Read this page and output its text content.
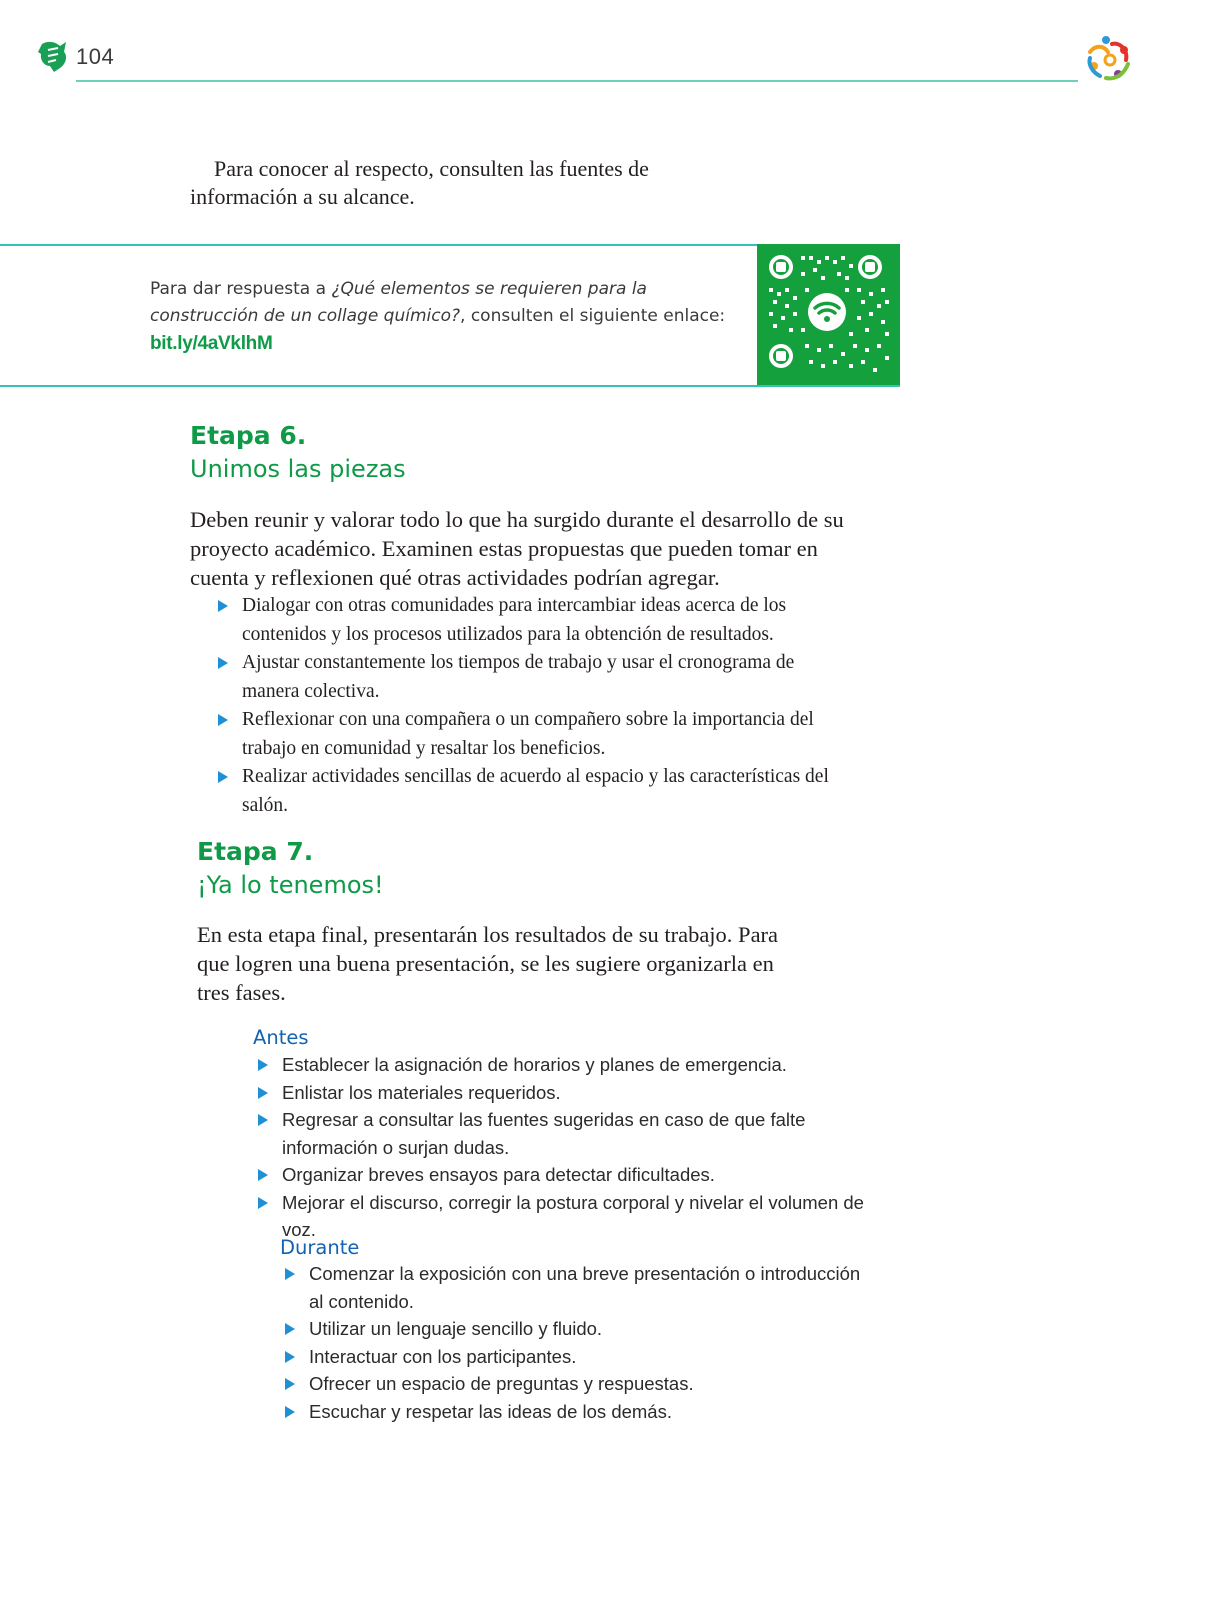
104

Para conocer al respecto, consulten las fuentes de información a su alcance.

Para dar respuesta a ¿Qué elementos se requieren para la construcción de un collage químico?, consulten el siguiente enlace:
bit.ly/4aVklhM
Etapa 6.
Unimos las piezas

Deben reunir y valorar todo lo que ha surgido durante el desarrollo de su proyecto académico. Examinen estas propuestas que pueden tomar en cuenta y reflexionen qué otras actividades podrían agregar.

Dialogar con otras comunidades para intercambiar ideas acerca de los contenidos y los procesos utilizados para la obtención de resultados.
Ajustar constantemente los tiempos de trabajo y usar el cronograma de manera colectiva.
Reflexionar con una compañera o un compañero sobre la importancia del trabajo en comunidad y resaltar los beneficios.
Realizar actividades sencillas de acuerdo al espacio y las características del salón.
Etapa 7.
¡Ya lo tenemos!

En esta etapa final, presentarán los resultados de su trabajo. Para que logren una buena presentación, se les sugiere organizarla en tres fases.

Antes
Establecer la asignación de horarios y planes de emergencia.
Enlistar los materiales requeridos.
Regresar a consultar las fuentes sugeridas en caso de que falte información o surjan dudas.
Organizar breves ensayos para detectar dificultades.
Mejorar el discurso, corregir la postura corporal y nivelar el volumen de voz.
Durante
Comenzar la exposición con una breve presentación o introducción al contenido.
Utilizar un lenguaje sencillo y fluido.
Interactuar con los participantes.
Ofrecer un espacio de preguntas y respuestas.
Escuchar y respetar las ideas de los demás.
